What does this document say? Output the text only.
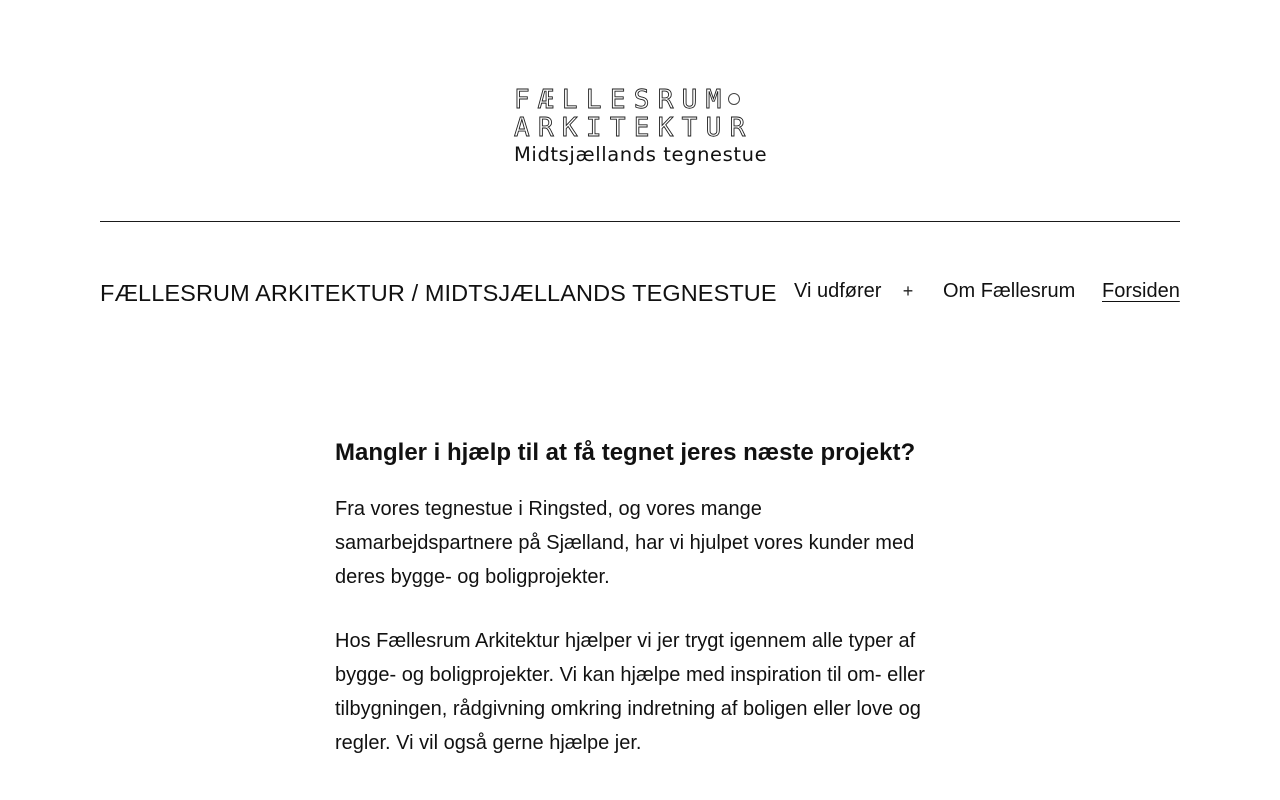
FÆLLESRUM
ARKITEKTUR
Midtsjællands tegnestue
FÆLLESRUM ARKITEKTUR / MIDTSJÆLLANDS TEGNESTUE Vi udfører + Om Fællesrum Forsiden
Mangler i hjælp til at få tegnet jeres næste projekt?

Fra vores tegnestue i Ringsted, og vores mange samarbejdspartnere på Sjælland, har vi hjulpet vores kunder med deres bygge- og boligprojekter.

Hos Fællesrum Arkitektur hjælper vi jer trygt igennem alle typer af bygge- og boligprojekter. Vi kan hjælpe med inspiration til om- eller tilbygningen, rådgivning omkring indretning af boligen eller love og regler. Vi vil også gerne hjælpe jer.
